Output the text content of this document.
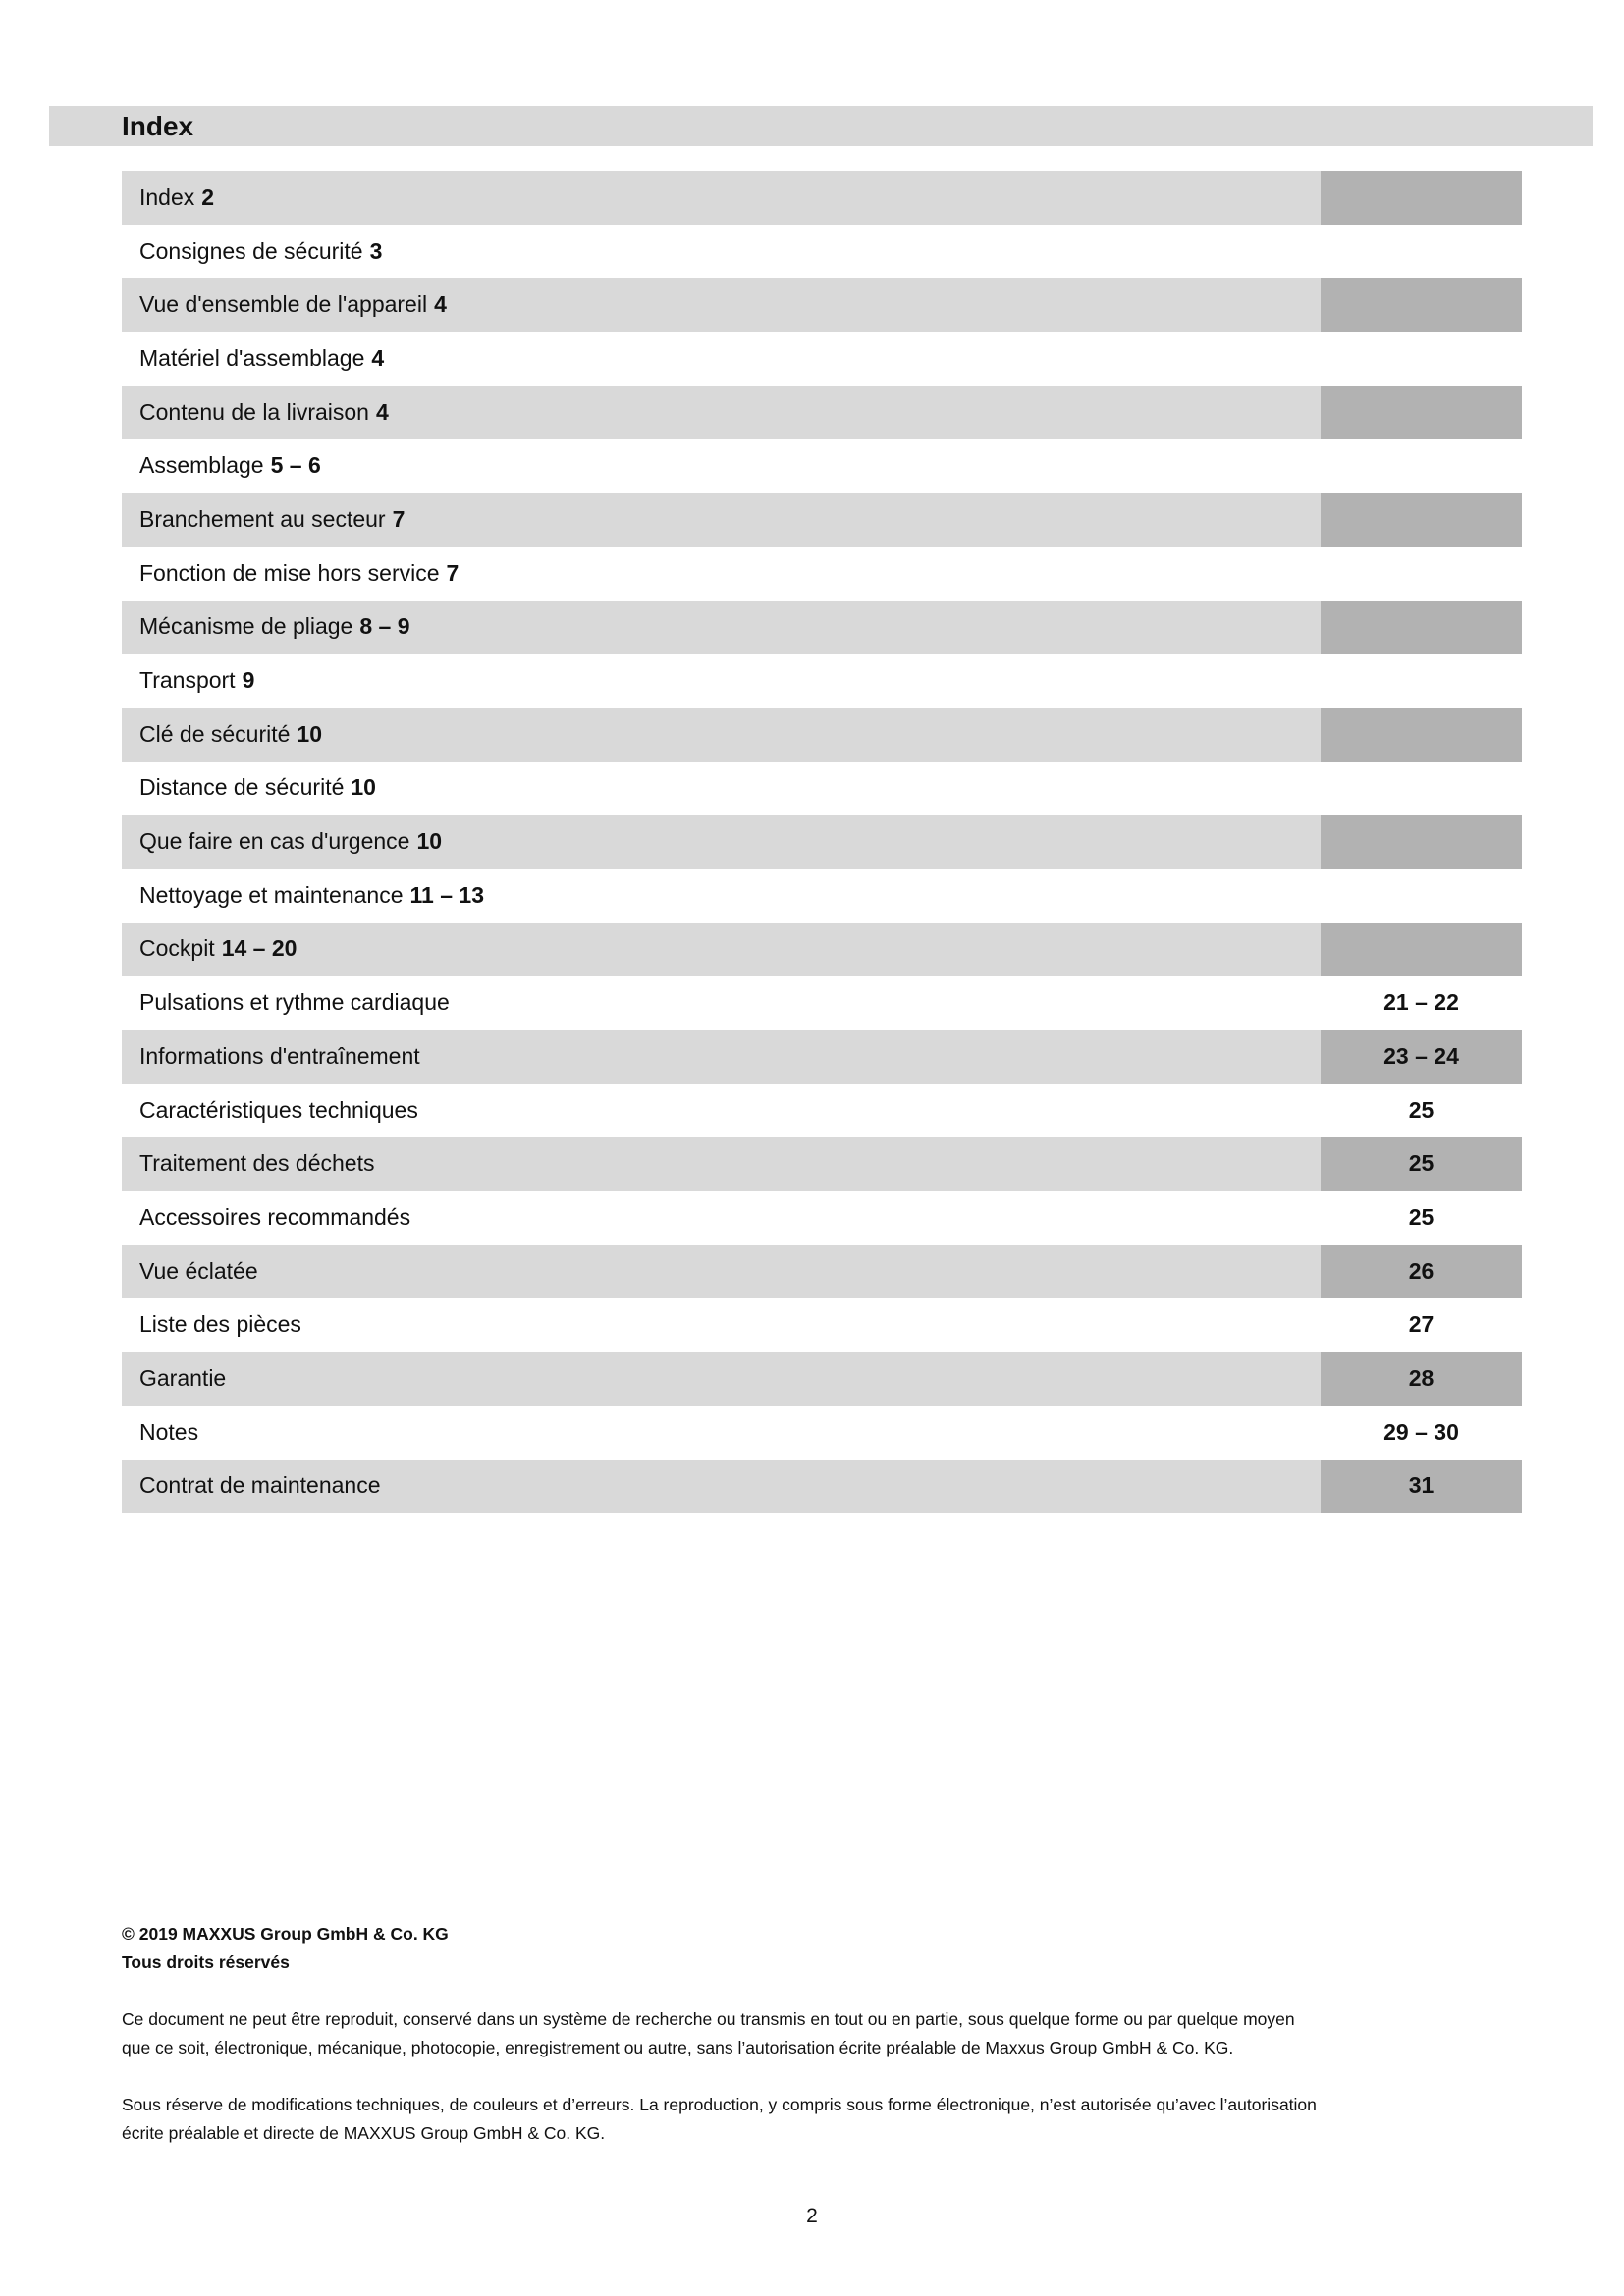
Index
Index 2
Consignes de sécurité 3
Vue d'ensemble de l'appareil 4
Matériel d'assemblage 4
Contenu de la livraison 4
Assemblage 5 – 6
Branchement au secteur 7
Fonction de mise hors service 7
Mécanisme de pliage 8 – 9
Transport 9
Clé de sécurité 10
Distance de sécurité 10
Que faire en cas d'urgence 10
Nettoyage et maintenance 11 – 13
Cockpit 14 – 20
Pulsations et rythme cardiaque	21 – 22
Informations d'entraînement	23 – 24
Caractéristiques techniques	25
Traitement des déchets	25
Accessoires recommandés	25
Vue éclatée	26
Liste des pièces	27
Garantie	28
Notes	29 – 30
Contrat de maintenance	31

© 2019 MAXXUS Group GmbH & Co. KG

Tous droits réservés

Ce document ne peut être reproduit, conservé dans un système de recherche ou transmis en tout ou en partie, sous quelque forme ou par quelque moyen que ce soit, électronique, mécanique, photocopie, enregistrement ou autre, sans l’autorisation écrite préalable de Maxxus Group GmbH & Co. KG.

Sous réserve de modifications techniques, de couleurs et d’erreurs. La reproduction, y compris sous forme électronique, n’est autorisée qu’avec l’autorisation écrite préalable et directe de MAXXUS Group GmbH & Co. KG.

2
